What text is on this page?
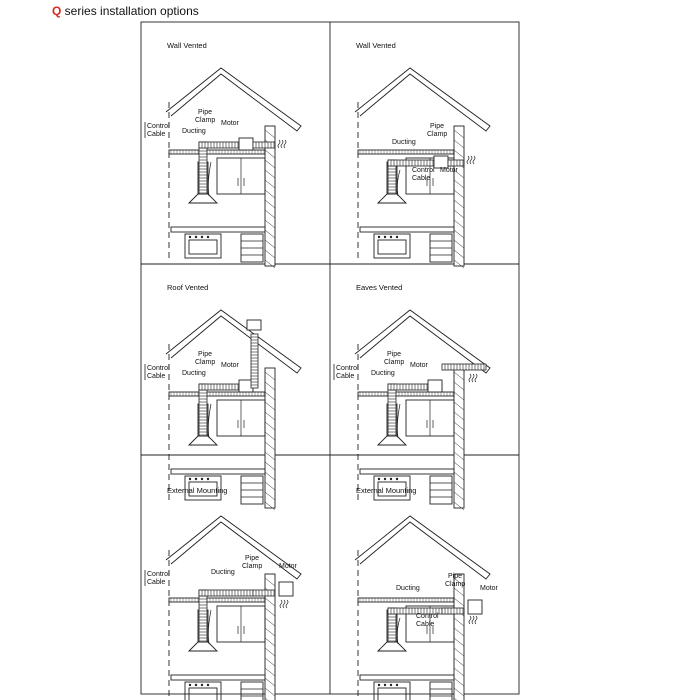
Q series installation options
Wall Vented
Pipe
Clamp
Ducting
Motor
Control
Cable
Wall Vented
Pipe
Clamp
Ducting
Motor
Control
Cable
Roof Vented
Pipe
Clamp
Ducting
Motor
Control
Cable
Eaves Vented
Pipe
Clamp
Ducting
Motor
Control
Cable
External Mounting
Control
Cable
Pipe
Clamp
Ducting
Motor
External Mounting
Pipe
Clamp
Ducting	Motor
Control
Cable
